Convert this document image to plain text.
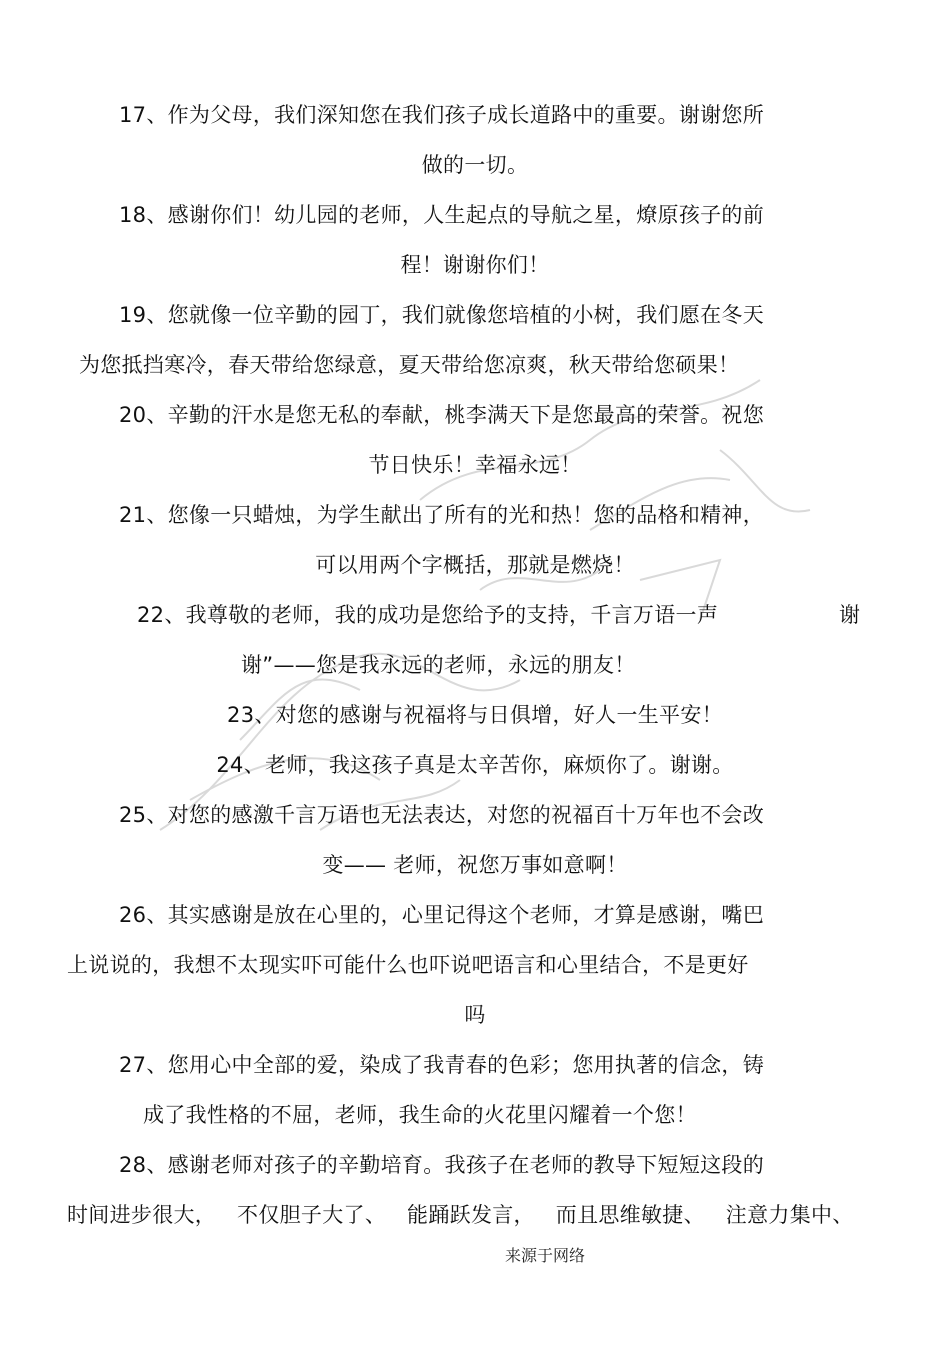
17、作为父母，我们深知您在我们孩子成长道路中的重要。谢谢您所
做的一切。
18、感谢你们！幼儿园的老师，人生起点的导航之星，燎原孩子的前
程！谢谢你们！
19、您就像一位辛勤的园丁，我们就像您培植的小树，我们愿在冬天
为您抵挡寒冷，春天带给您绿意，夏天带给您凉爽，秋天带给您硕果！
20、辛勤的汗水是您无私的奉献，桃李满天下是您最高的荣誉。祝您
节日快乐！幸福永远！
21、您像一只蜡烛，为学生献出了所有的光和热！您的品格和精神，
可以用两个字概括，那就是燃烧！
22、我尊敬的老师，我的成功是您给予的支持，千言万语一声	谢
谢”——您是我永远的老师，永远的朋友！
23、对您的感谢与祝福将与日俱增，好人一生平安！
24、老师，我这孩子真是太辛苦你，麻烦你了。谢谢。
25、对您的感激千言万语也无法表达，对您的祝福百十万年也不会改
变—— 老师，祝您万事如意啊！
26、其实感谢是放在心里的，心里记得这个老师，才算是感谢，嘴巴
上说说的，我想不太现实吓可能什么也吓说吧语言和心里结合，不是更好
吗
27、您用心中全部的爱，染成了我青春的色彩；您用执著的信念，铸
成了我性格的不屈，老师，我生命的火花里闪耀着一个您！
28、感谢老师对孩子的辛勤培育。我孩子在老师的教导下短短这段的
时间进步很大，   不仅胆子大了、   能踊跃发言，   而且思维敏捷、   注意力集中、
来源于网络
